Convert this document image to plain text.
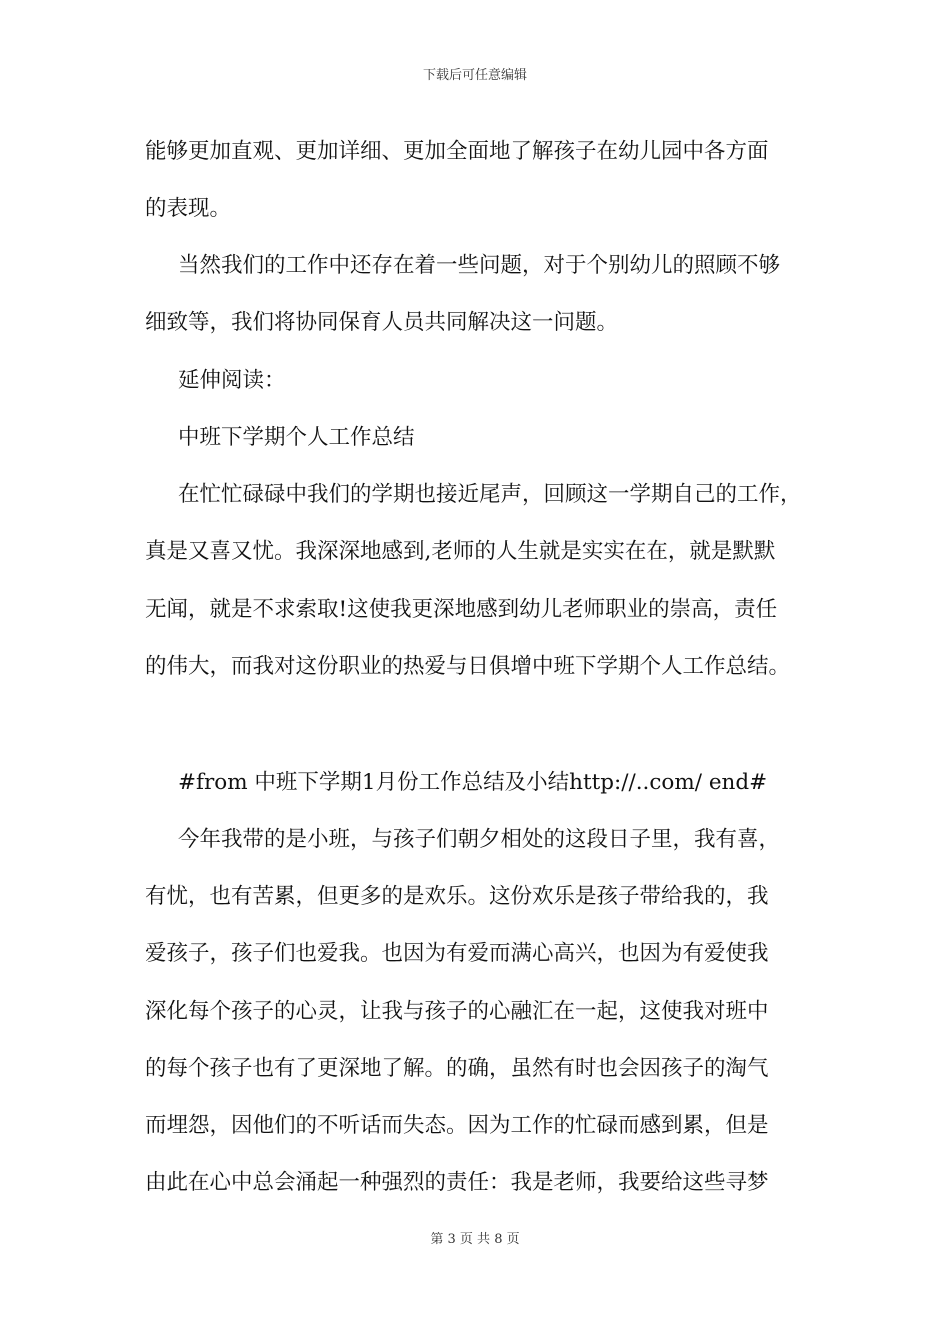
下载后可任意编辑
能够更加直观、更加详细、更加全面地了解孩子在幼儿园中各方面
的表现。
当然我们的工作中还存在着一些问题，对于个别幼儿的照顾不够
细致等，我们将协同保育人员共同解决这一问题。
延伸阅读：
中班下学期个人工作总结
在忙忙碌碌中我们的学期也接近尾声，回顾这一学期自己的工作，
真是又喜又忧。我深深地感到,老师的人生就是实实在在，就是默默
无闻，就是不求索取!这使我更深地感到幼儿老师职业的崇高，责任
的伟大，而我对这份职业的热爱与日俱增中班下学期个人工作总结。
#from 中班下学期1月份工作总结及小结http://..com/ end#
今年我带的是小班，与孩子们朝夕相处的这段日子里，我有喜，
有忧，也有苦累，但更多的是欢乐。这份欢乐是孩子带给我的，我
爱孩子，孩子们也爱我。也因为有爱而满心高兴，也因为有爱使我
深化每个孩子的心灵，让我与孩子的心融汇在一起，这使我对班中
的每个孩子也有了更深地了解。的确，虽然有时也会因孩子的淘气
而埋怨，因他们的不听话而失态。因为工作的忙碌而感到累，但是
由此在心中总会涌起一种强烈的责任：我是老师，我要给这些寻梦
第 3 页 共 8 页
